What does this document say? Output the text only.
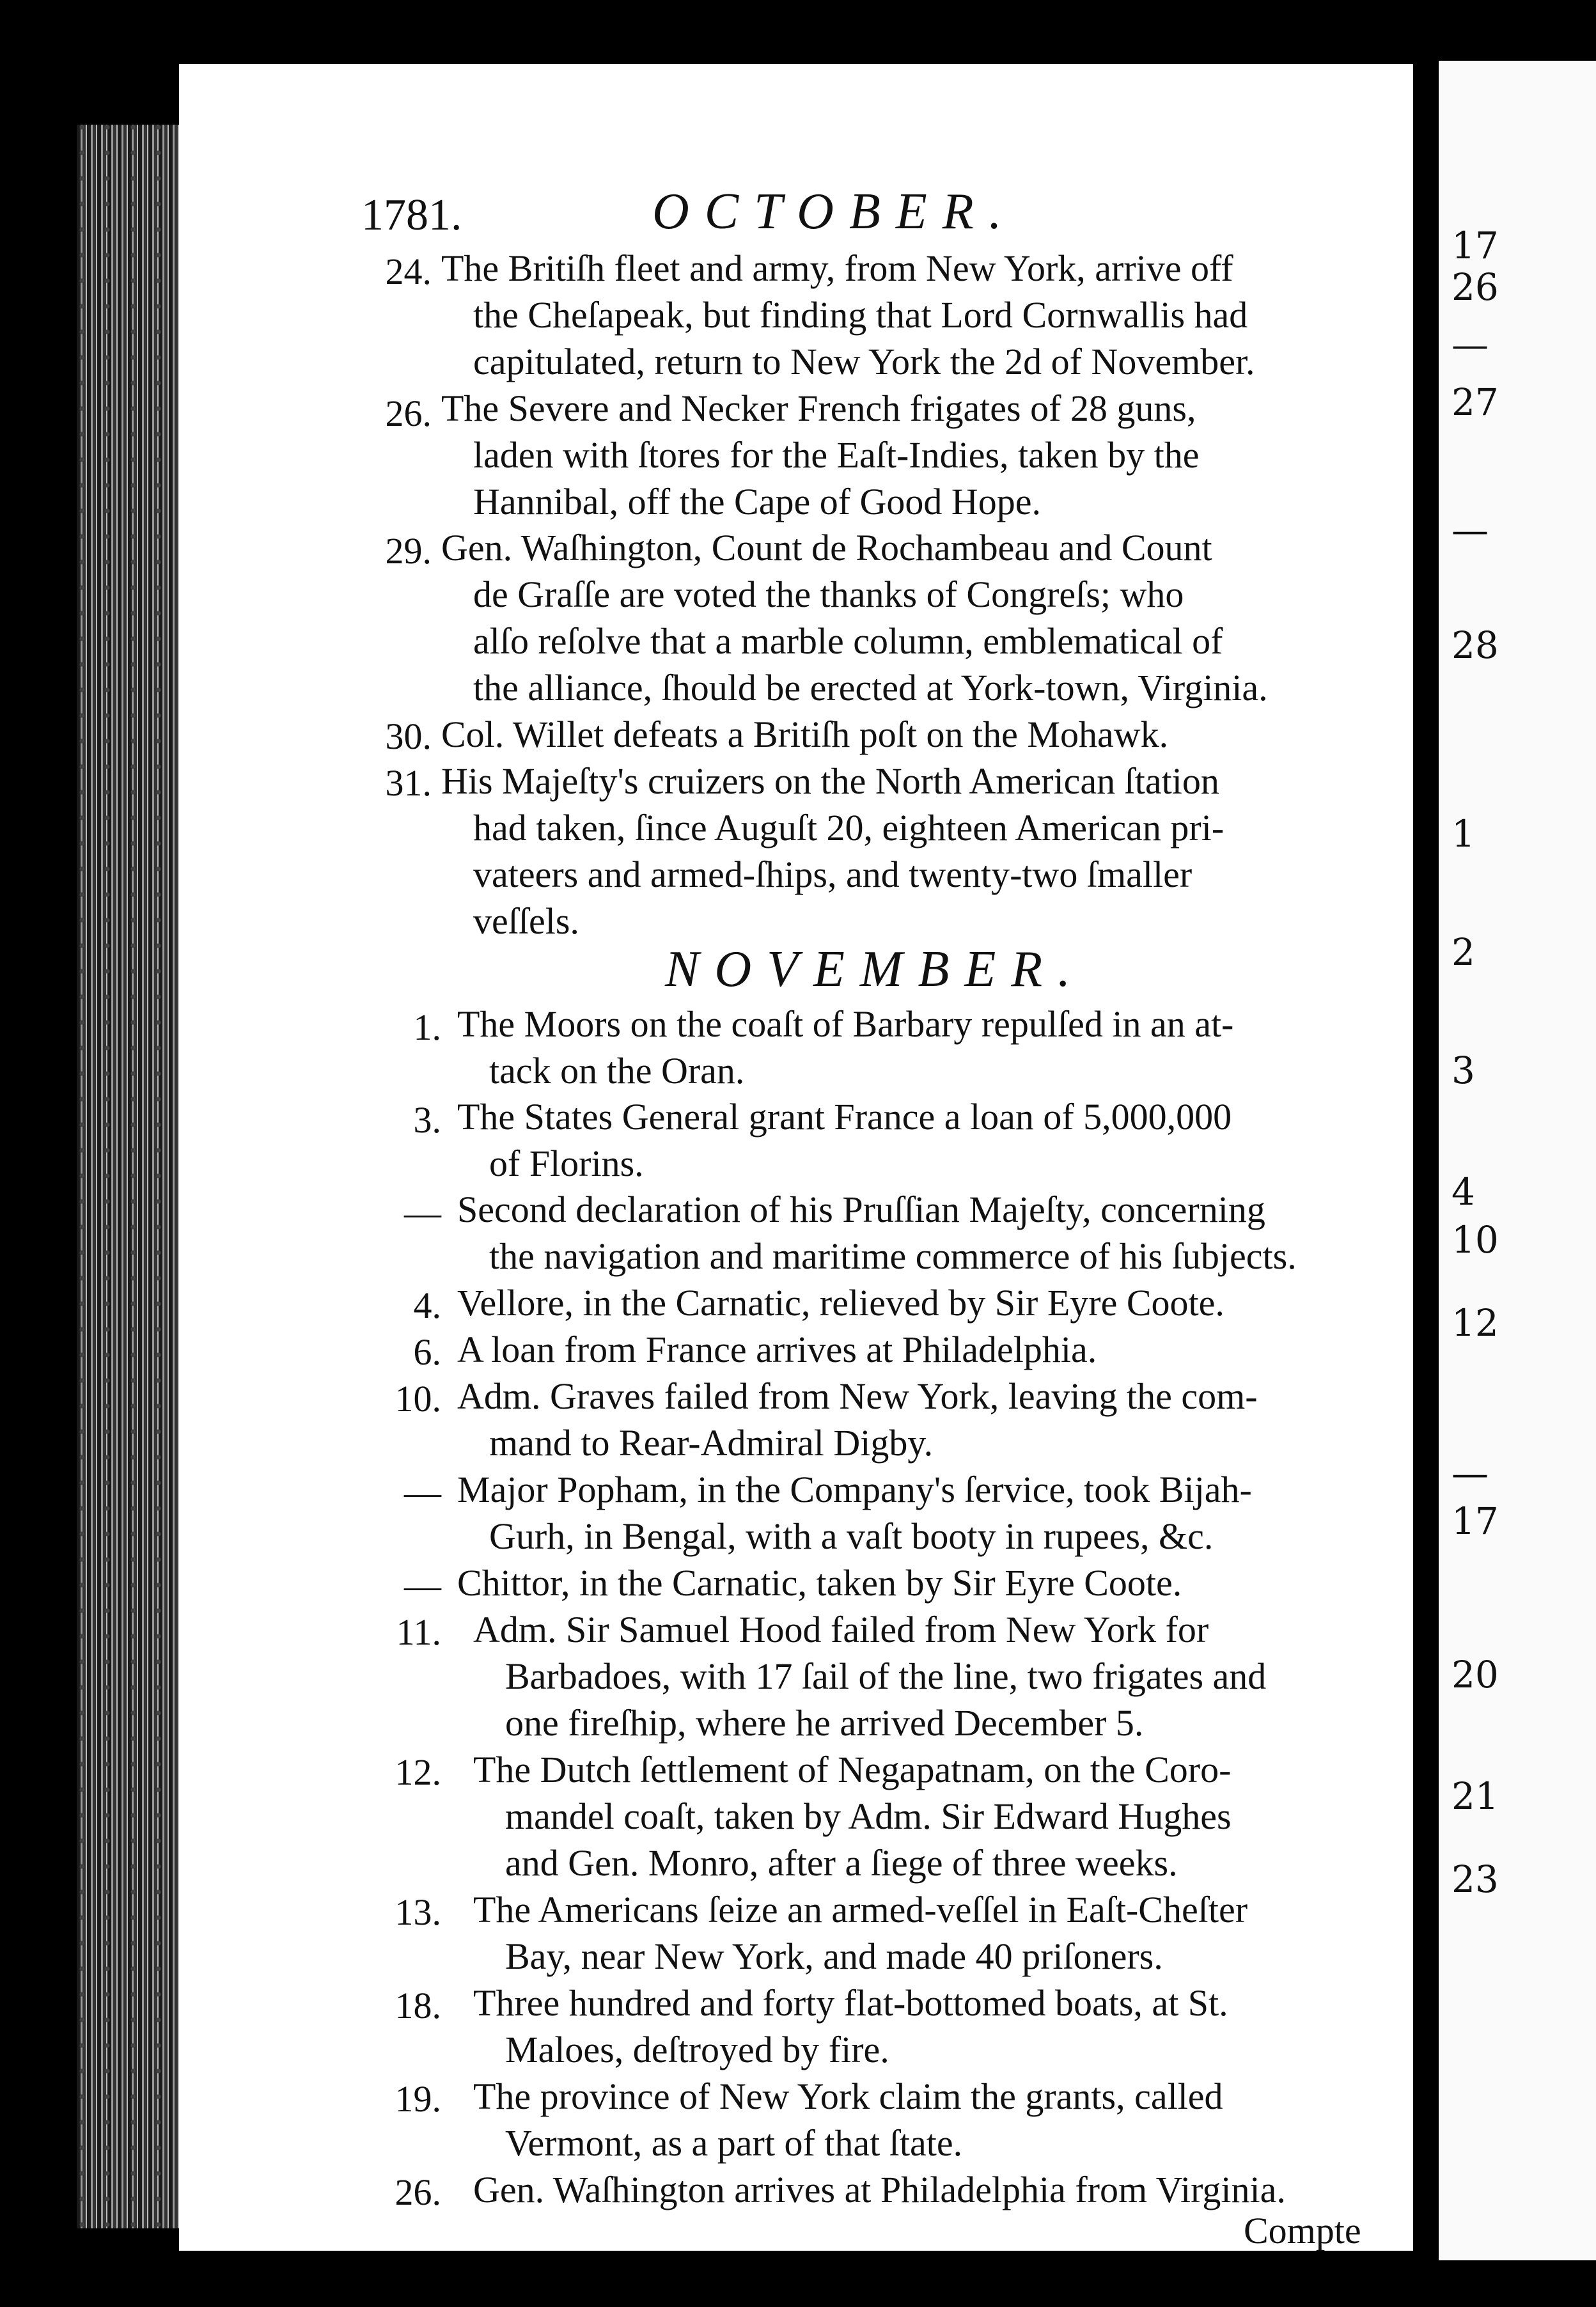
17
26
—
27
—
28
1
2
3
4
10
12
—
17
20
21
23
1781.	OCTOBER.
24. The Britiſh fleet and army, from New York, arrive off
the Cheſapeak, but finding that Lord Cornwallis had
capitulated, return to New York the 2d of November.
26. The Severe and Necker French frigates of 28 guns,
laden with ſtores for the Eaſt-Indies, taken by the
Hannibal, off the Cape of Good Hope.
29. Gen. Waſhington, Count de Rochambeau and Count
de Graſſe are voted the thanks of Congreſs; who
alſo reſolve that a marble column, emblematical of
the alliance, ſhould be erected at York-town, Virginia.
30. Col. Willet defeats a Britiſh poſt on the Mohawk.
31. His Majeſty's cruizers on the North American ſtation
had taken, ſince Auguſt 20, eighteen American pri-
vateers and armed-ſhips, and twenty-two ſmaller
veſſels.
NOVEMBER.
1. The Moors on the coaſt of Barbary repulſed in an at-
tack on the Oran.
3. The States General grant France a loan of 5,000,000
of Florins.
— Second declaration of his Pruſſian Majeſty, concerning
the navigation and maritime commerce of his ſubjects.
4. Vellore, in the Carnatic, relieved by Sir Eyre Coote.
6. A loan from France arrives at Philadelphia.
10. Adm. Graves failed from New York, leaving the com-
mand to Rear-Admiral Digby.
— Major Popham, in the Company's ſervice, took Bijah-
Gurh, in Bengal, with a vaſt booty in rupees, &c.
— Chittor, in the Carnatic, taken by Sir Eyre Coote.
11. Adm. Sir Samuel Hood failed from New York for
Barbadoes, with 17 ſail of the line, two frigates and
one fireſhip, where he arrived December 5.
12. The Dutch ſettlement of Negapatnam, on the Coro-
mandel coaſt, taken by Adm. Sir Edward Hughes
and Gen. Monro, after a ſiege of three weeks.
13. The Americans ſeize an armed-veſſel in Eaſt-Cheſter
Bay, near New York, and made 40 priſoners.
18. Three hundred and forty flat-bottomed boats, at St.
Maloes, deſtroyed by fire.
19. The province of New York claim the grants, called
Vermont, as a part of that ſtate.
26. Gen. Waſhington arrives at Philadelphia from Virginia.
Compte
